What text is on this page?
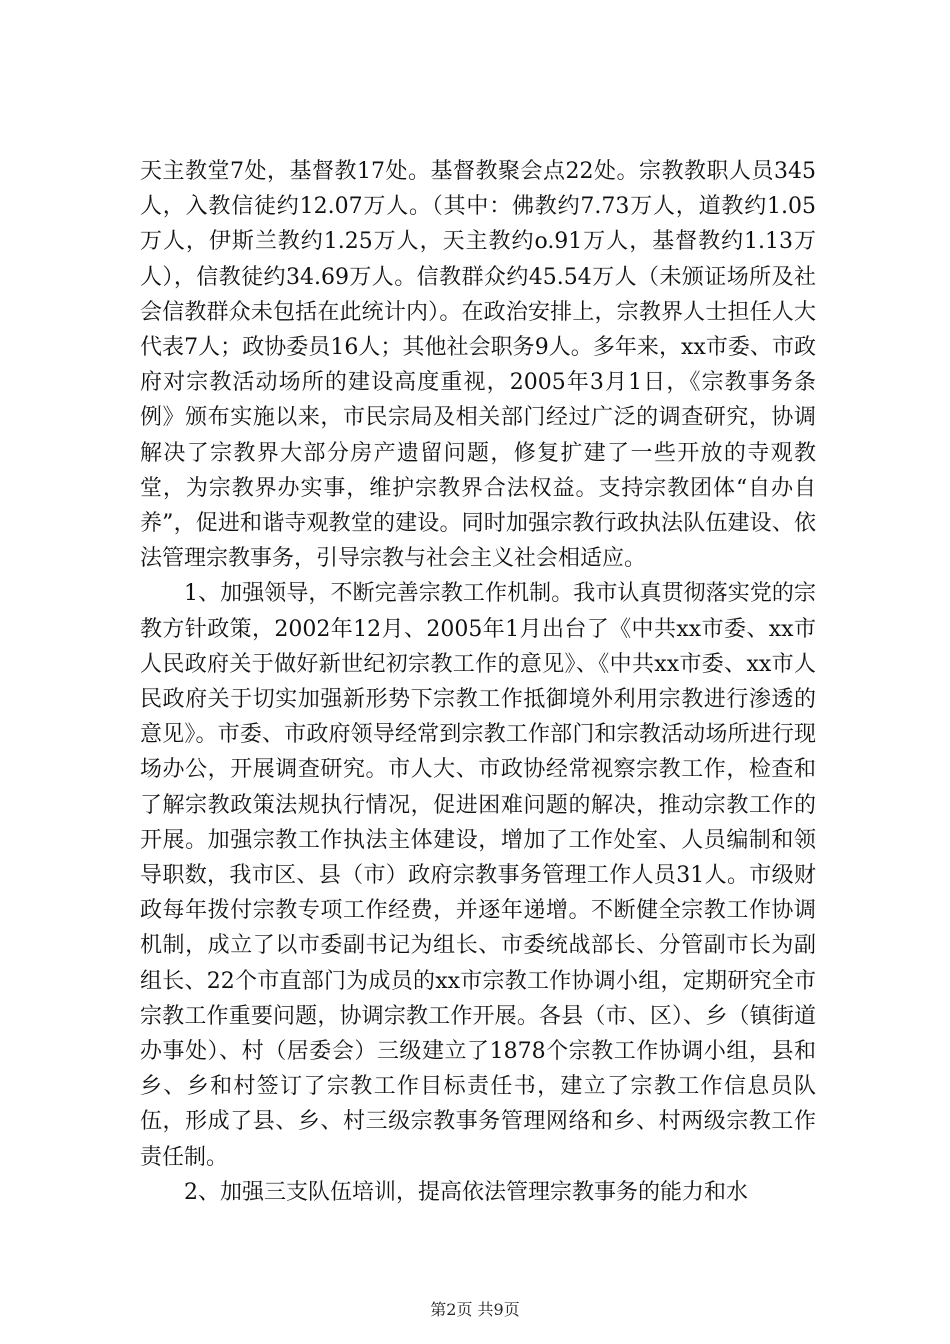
天主教堂7处，基督教17处。基督教聚会点22处。宗教教职人员345人，入教信徒约12.07万人。（其中：佛教约7.73万人，道教约1.05万人，伊斯兰教约1.25万人，天主教约o.91万人，基督教约1.13万人），信教徒约34.69万人。信教群众约45.54万人（未颁证场所及社会信教群众未包括在此统计内）。在政治安排上，宗教界人士担任人大代表7人；政协委员16人；其他社会职务9人。多年来，xx市委、市政府对宗教活动场所的建设高度重视，2005年3月1日，《宗教事务条例》颁布实施以来，市民宗局及相关部门经过广泛的调查研究，协调解决了宗教界大部分房产遗留问题，修复扩建了一些开放的寺观教堂，为宗教界办实事，维护宗教界合法权益。支持宗教团体“自办自养”，促进和谐寺观教堂的建设。同时加强宗教行政执法队伍建设、依法管理宗教事务，引导宗教与社会主义社会相适应。

1、加强领导，不断完善宗教工作机制。我市认真贯彻落实党的宗教方针政策，2002年12月、2005年1月出台了《中共xx市委、xx市人民政府关于做好新世纪初宗教工作的意见》、《中共xx市委、xx市人民政府关于切实加强新形势下宗教工作抵御境外利用宗教进行渗透的意见》。市委、市政府领导经常到宗教工作部门和宗教活动场所进行现场办公，开展调查研究。市人大、市政协经常视察宗教工作，检查和了解宗教政策法规执行情况，促进困难问题的解决，推动宗教工作的开展。加强宗教工作执法主体建设，增加了工作处室、人员编制和领导职数，我市区、县（市）政府宗教事务管理工作人员31人。市级财政每年拨付宗教专项工作经费，并逐年递增。不断健全宗教工作协调机制，成立了以市委副书记为组长、市委统战部长、分管副市长为副组长、22个市直部门为成员的xx市宗教工作协调小组，定期研究全市宗教工作重要问题，协调宗教工作开展。各县（市、区）、乡（镇街道办事处）、村（居委会）三级建立了1878个宗教工作协调小组，县和乡、乡和村签订了宗教工作目标责任书，建立了宗教工作信息员队伍，形成了县、乡、村三级宗教事务管理网络和乡、村两级宗教工作责任制。

2、加强三支队伍培训，提高依法管理宗教事务的能力和水

第2页 共9页
